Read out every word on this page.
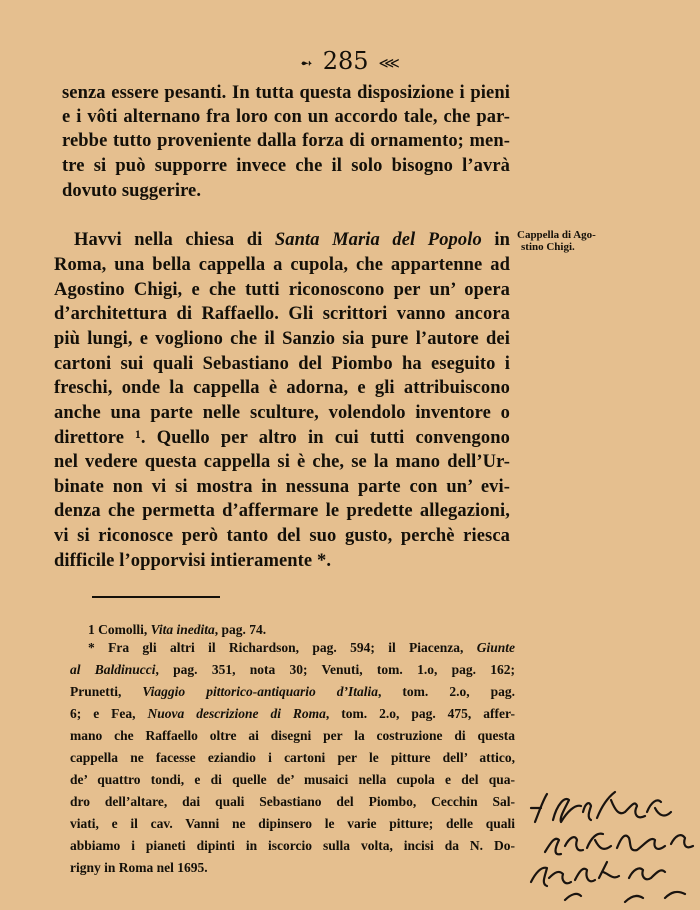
➻ 285 ⋘
senza essere pesanti. In tutta questa disposizione i pieni
e i vôti alternano fra loro con un accordo tale, che par-
rebbe tutto proveniente dalla forza di ornamento; men-
tre si può supporre invece che il solo bisogno l’avrà
dovuto suggerire.
Havvi nella chiesa di Santa Maria del Popolo in
Roma, una bella cappella a cupola, che appartenne ad
Agostino Chigi, e che tutti riconoscono per un’ opera
d’architettura di Raffaello. Gli scrittori vanno ancora
più lungi, e vogliono che il Sanzio sia pure l’autore dei
cartoni sui quali Sebastiano del Piombo ha eseguito i
freschi, onde la cappella è adorna, e gli attribuiscono
anche una parte nelle sculture, volendolo inventore o
direttore ¹. Quello per altro in cui tutti convengono
nel vedere questa cappella si è che, se la mano dell’Ur-
binate non vi si mostra in nessuna parte con un’ evi-
denza che permetta d’affermare le predette allegazioni,
vi si riconosce però tanto del suo gusto, perchè riesca
difficile l’opporvisi intieramente *.
Cappella di Ago-
stino Chigi.
1 Comolli, Vita inedita, pag. 74.
* Fra gli altri il Richardson, pag. 594; il Piacenza, Giunte
al Baldinucci, pag. 351, nota 30; Venuti, tom. 1.o, pag. 162;
Prunetti, Viaggio pittorico-antiquario d’Italia, tom. 2.o, pag.
6; e Fea, Nuova descrizione di Roma, tom. 2.o, pag. 475, affer-
mano che Raffaello oltre ai disegni per la costruzione di questa
cappella ne facesse eziandio i cartoni per le pitture dell’ attico,
de’ quattro tondi, e di quelle de’ musaici nella cupola e del qua-
dro dell’altare, dai quali Sebastiano del Piombo, Cecchin Sal-
viati, e il cav. Vanni ne dipinsero le varie pitture; delle quali
abbiamo i pianeti dipinti in iscorcio sulla volta, incisi da N. Do-
rigny in Roma nel 1695.
